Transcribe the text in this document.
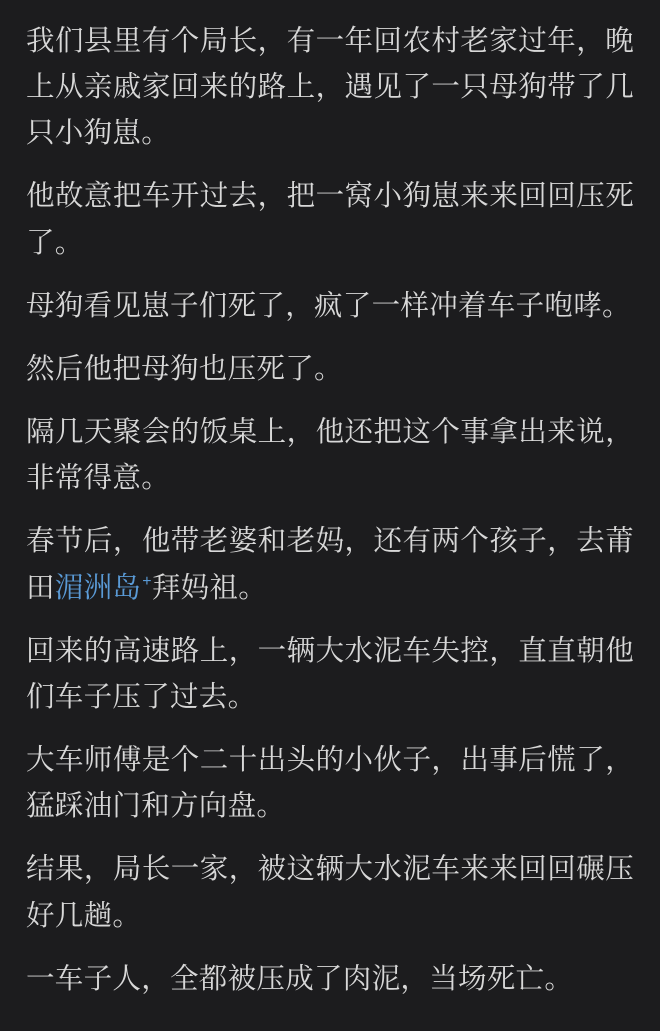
我们县里有个局长，有一年回农村老家过年，晚上从亲戚家回来的路上，遇见了一只母狗带了几只小狗崽。

他故意把车开过去，把一窝小狗崽来来回回压死了。

母狗看见崽子们死了，疯了一样冲着车子咆哮。

然后他把母狗也压死了。

隔几天聚会的饭桌上，他还把这个事拿出来说，非常得意。

春节后，他带老婆和老妈，还有两个孩子，去莆田湄洲岛+拜妈祖。

回来的高速路上，一辆大水泥车失控，直直朝他们车子压了过去。

大车师傅是个二十出头的小伙子，出事后慌了，猛踩油门和方向盘。

结果，局长一家，被这辆大水泥车来来回回碾压好几趟。

一车子人，全都被压成了肉泥，当场死亡。
